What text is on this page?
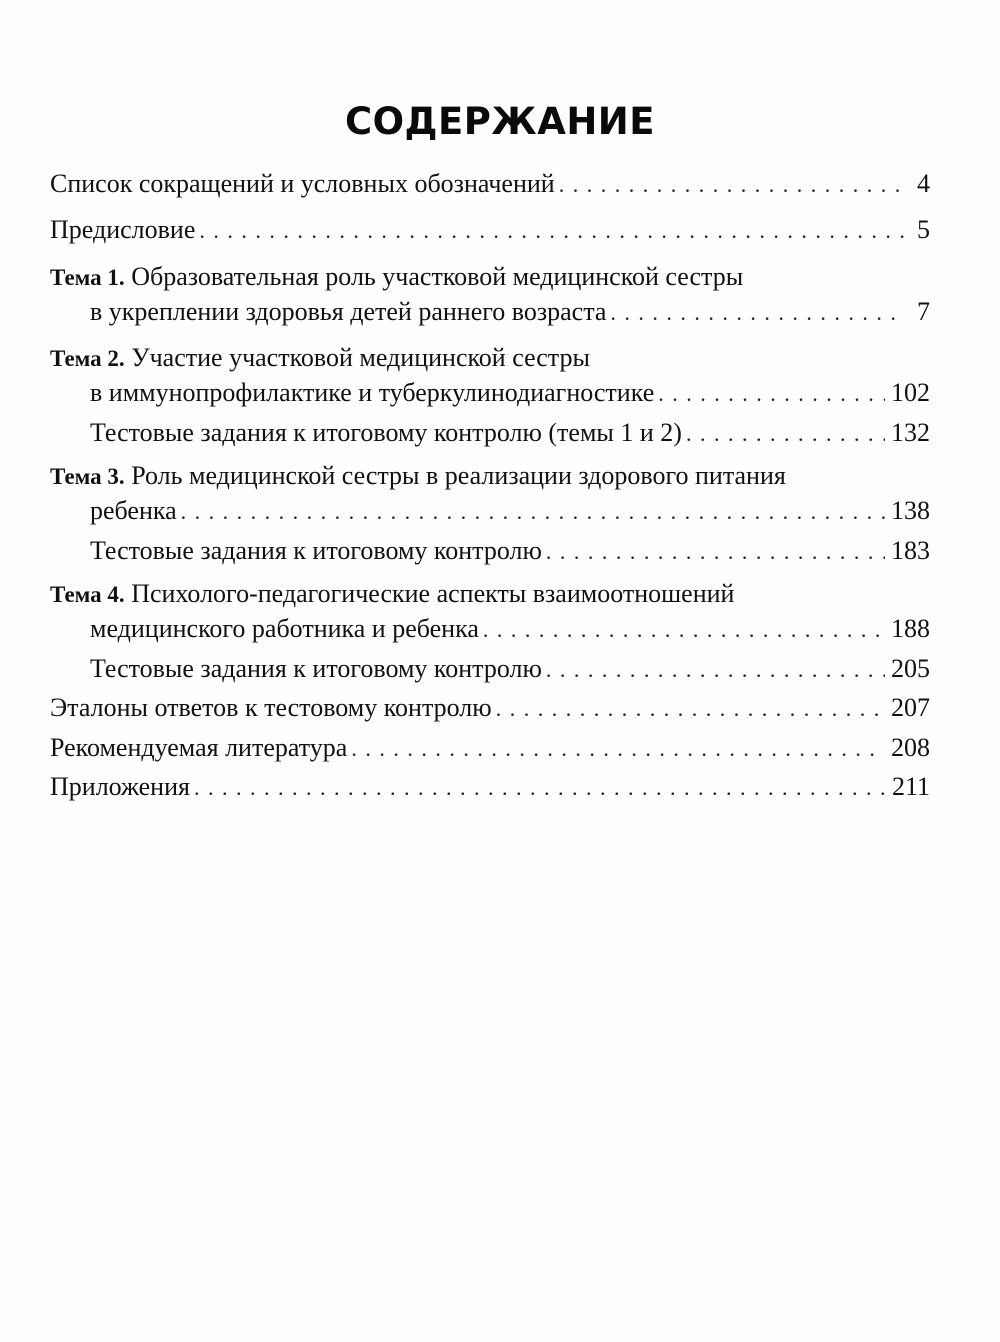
СОДЕРЖАНИЕ
Список сокращений и условных обозначений . . .	4
Предисловие . . .	5
Тема 1. Образовательная роль участковой медицинской сестры
в укреплении здоровья детей раннего возраста . . .	7
Тема 2. Участие участковой медицинской сестры
в иммунопрофилактике и туберкулинодиагностике . . .	102
Тестовые задания к итоговому контролю (темы 1 и 2) . . .	132
Тема 3. Роль медицинской сестры в реализации здорового питания
ребенка . . .	138
Тестовые задания к итоговому контролю . . .	183
Тема 4. Психолого-педагогические аспекты взаимоотношений
медицинского работника и ребенка . . .	188
Тестовые задания к итоговому контролю . . .	205
Эталоны ответов к тестовому контролю . . .	207
Рекомендуемая литература . . .	208
Приложения . . .	211
